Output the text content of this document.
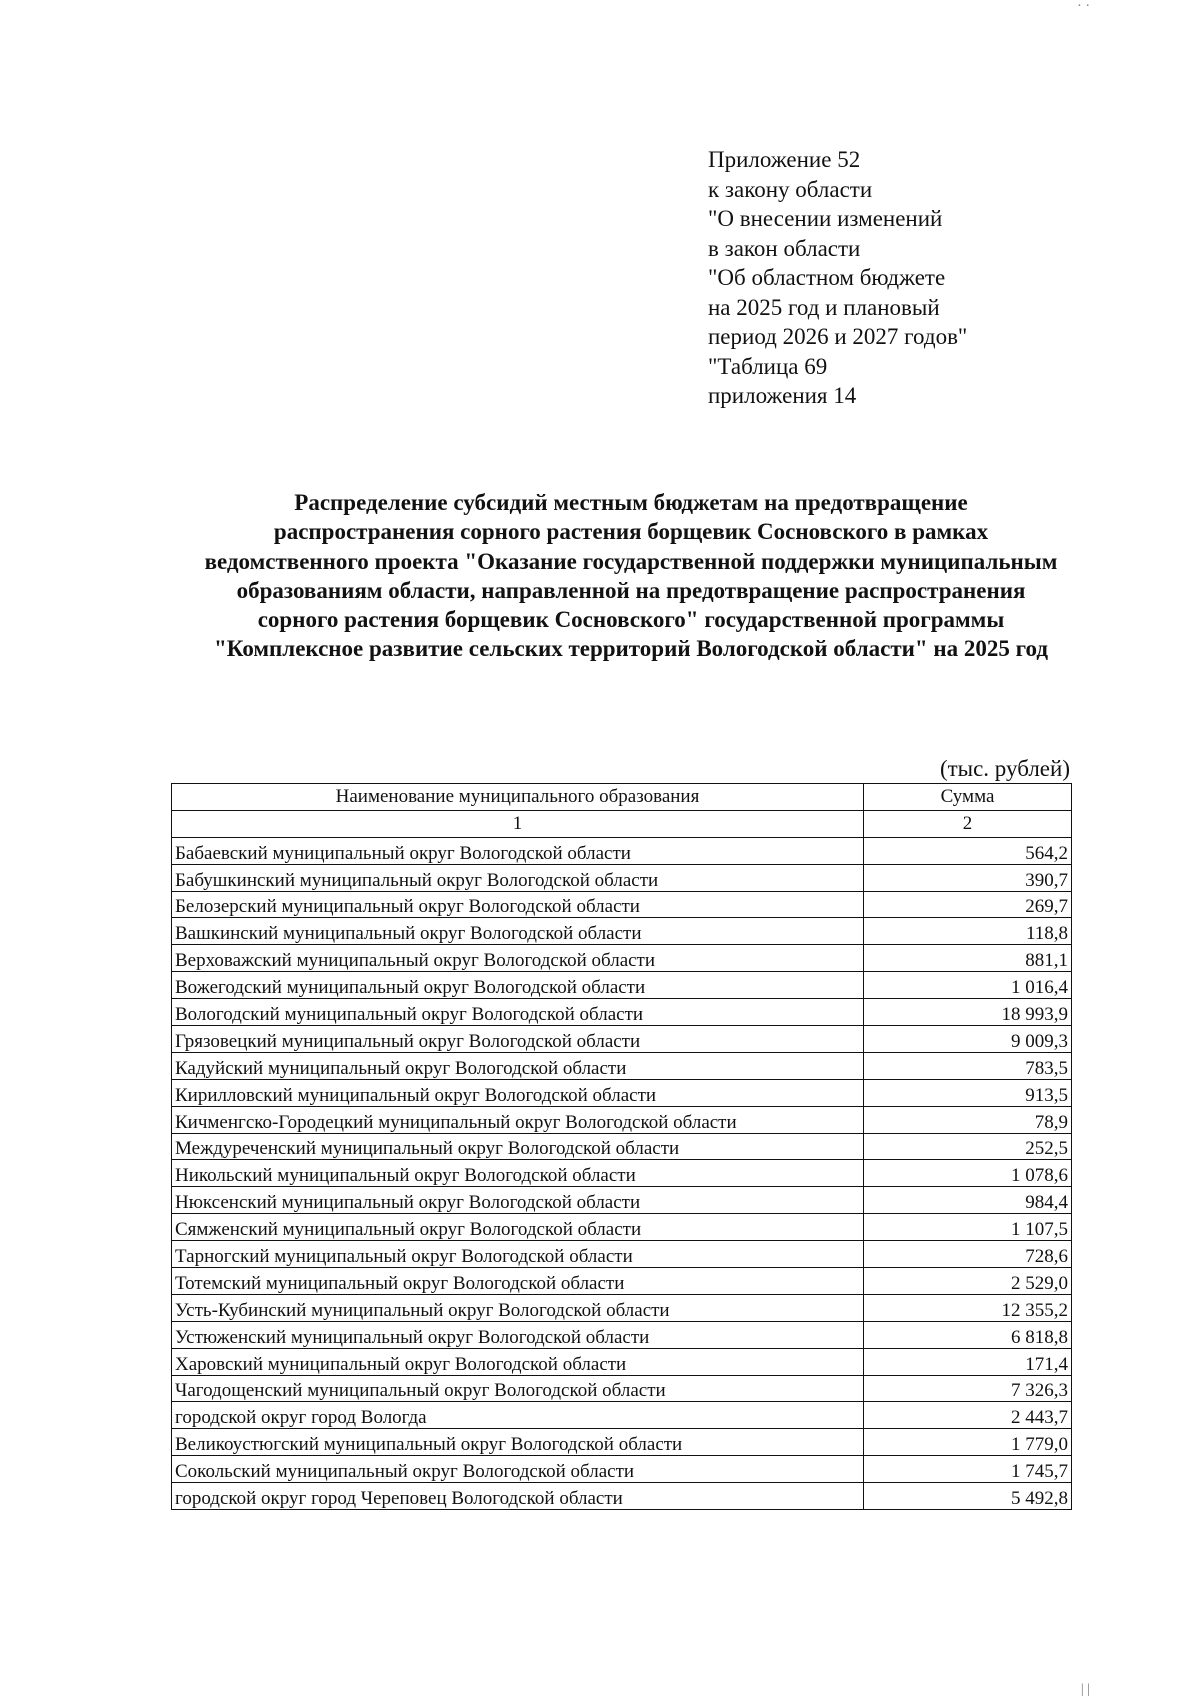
· ·
Приложение 52
к закону области
"О внесении изменений
в закон области
"Об областном бюджете
на 2025 год и плановый
период 2026 и 2027 годов"
"Таблица 69
приложения 14
Распределение субсидий местным бюджетам на предотвращение
распространения сорного растения борщевик Сосновского в рамках
ведомственного проекта "Оказание государственной поддержки муниципальным
образованиям области, направленной на предотвращение распространения
сорного растения борщевик Сосновского" государственной программы
"Комплексное развитие сельских территорий Вологодской области" на 2025 год
(тыс. рублей)
Наименование муниципального образования	Сумма
1	2
Бабаевский муниципальный округ Вологодской области	564,2
Бабушкинский муниципальный округ Вологодской области	390,7
Белозерский муниципальный округ Вологодской области	269,7
Вашкинский муниципальный округ Вологодской области	118,8
Верховажский муниципальный округ Вологодской области	881,1
Вожегодский муниципальный округ Вологодской области	1 016,4
Вологодский муниципальный округ Вологодской области	18 993,9
Грязовецкий муниципальный округ Вологодской области	9 009,3
Кадуйский муниципальный округ Вологодской области	783,5
Кирилловский муниципальный округ Вологодской области	913,5
Кичменгско-Городецкий муниципальный округ Вологодской области	78,9
Междуреченский муниципальный округ Вологодской области	252,5
Никольский муниципальный округ Вологодской области	1 078,6
Нюксенский муниципальный округ Вологодской области	984,4
Сямженский муниципальный округ Вологодской области	1 107,5
Тарногский муниципальный округ Вологодской области	728,6
Тотемский муниципальный округ Вологодской области	2 529,0
Усть-Кубинский муниципальный округ Вологодской области	12 355,2
Устюженский муниципальный округ Вологодской области	6 818,8
Харовский муниципальный округ Вологодской области	171,4
Чагодощенский муниципальный округ Вологодской области	7 326,3
городской округ город Вологда	2 443,7
Великоустюгский муниципальный округ Вологодской области	1 779,0
Сокольский муниципальный округ Вологодской области	1 745,7
городской округ город Череповец Вологодской области	5 492,8
| |
